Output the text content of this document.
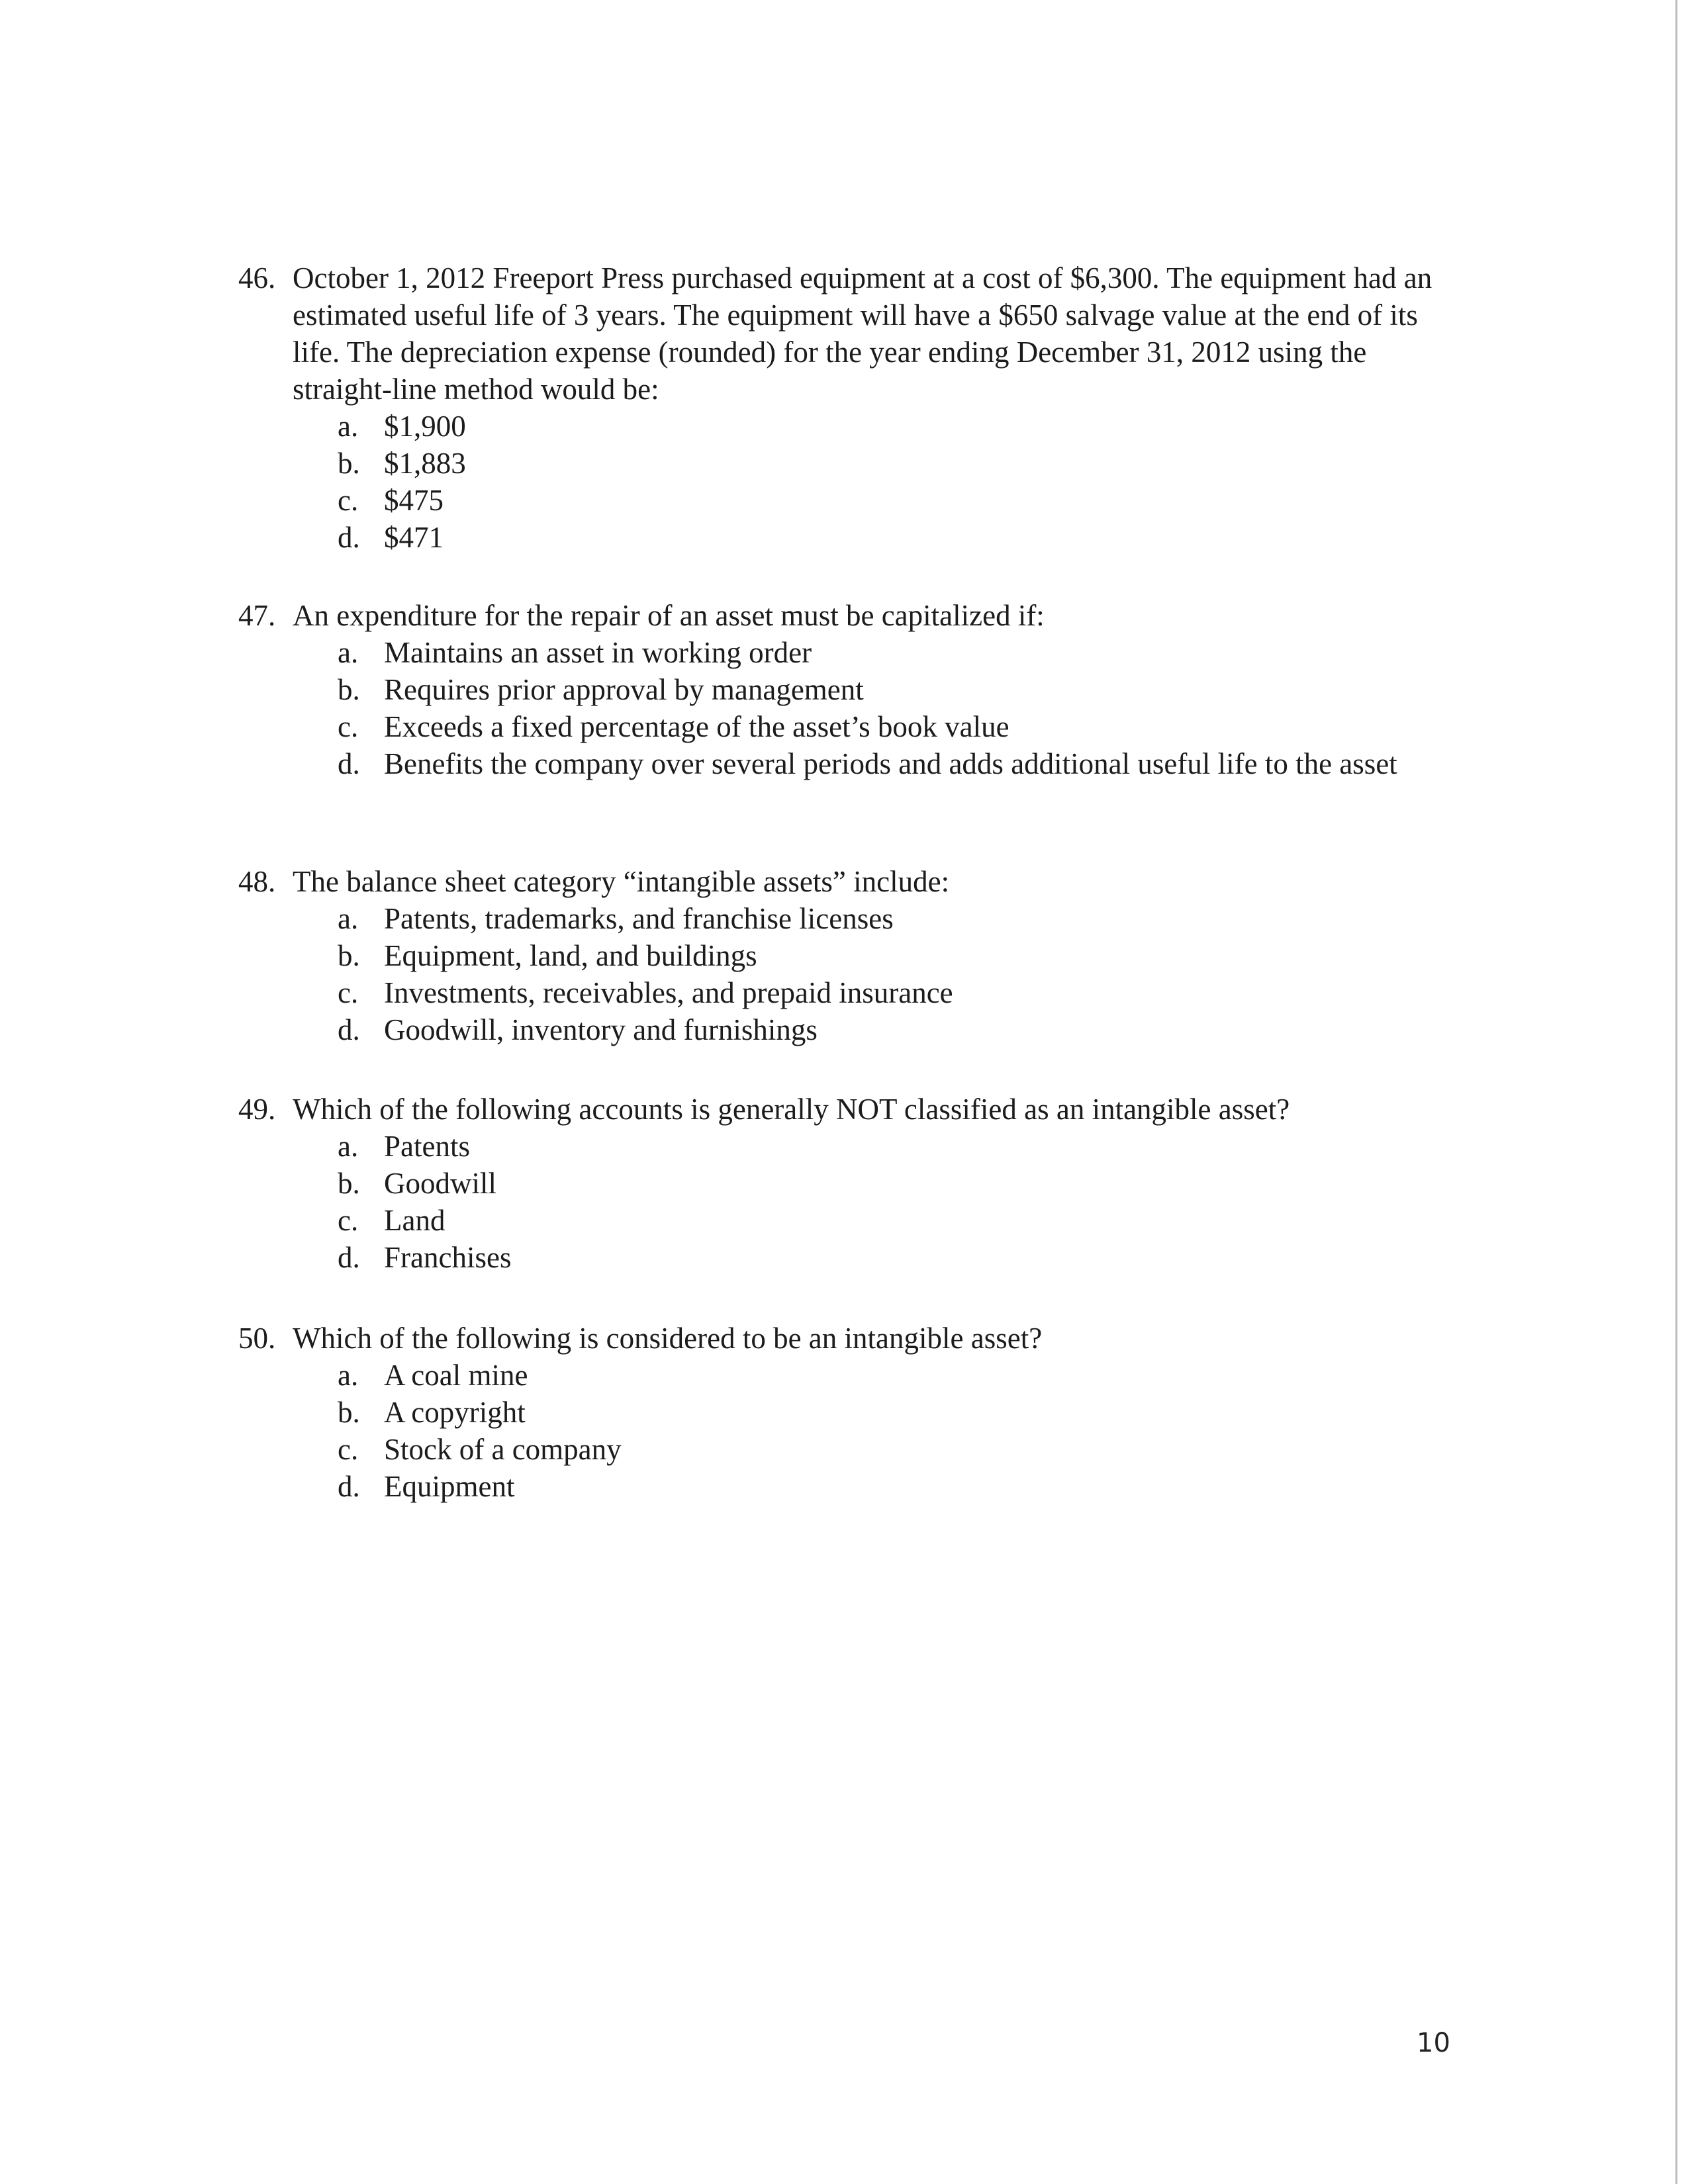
46. October 1, 2012 Freeport Press purchased equipment at a cost of $6,300. The equipment had an estimated useful life of 3 years. The equipment will have a $650 salvage value at the end of its life. The depreciation expense (rounded) for the year ending December 31, 2012 using the straight-line method would be:
a. $1,900
b. $1,883
c. $475
d. $471
47. An expenditure for the repair of an asset must be capitalized if:
a. Maintains an asset in working order
b. Requires prior approval by management
c. Exceeds a fixed percentage of the asset’s book value
d. Benefits the company over several periods and adds additional useful life to the asset
48. The balance sheet category “intangible assets” include:
a. Patents, trademarks, and franchise licenses
b. Equipment, land, and buildings
c. Investments, receivables, and prepaid insurance
d. Goodwill, inventory and furnishings
49. Which of the following accounts is generally NOT classified as an intangible asset?
a. Patents
b. Goodwill
c. Land
d. Franchises
50. Which of the following is considered to be an intangible asset?
a. A coal mine
b. A copyright
c. Stock of a company
d. Equipment
10
